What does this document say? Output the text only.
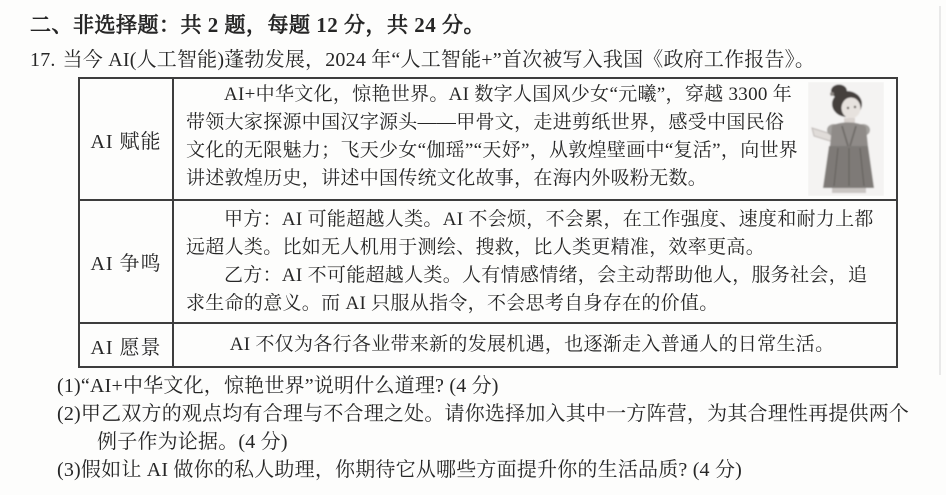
二、非选择题：共 2 题，每题 12 分，共 24 分。
17. 当今 AI(人工智能)蓬勃发展，2024 年“人工智能+”首次被写入我国《政府工作报告》。
AI 赋能	AI+中华文化，惊艳世界。AI 数字人国风少女“元曦”，穿越 3300 年带领大家探源中国汉字源头——甲骨文，走进剪纸世界，感受中国民俗文化的无限魅力；飞天少女“伽瑶”“天妤”，从敦煌壁画中“复活”，向世界讲述敦煌历史，讲述中国传统文化故事，在海内外吸粉无数。

AI 争鸣	甲方：AI 可能超越人类。AI 不会烦，不会累，在工作强度、速度和耐力上都远超人类。比如无人机用于测绘、搜救，比人类更精准，效率更高。

乙方：AI 不可能超越人类。人有情感情绪，会主动帮助他人，服务社会，追求生命的意义。而 AI 只服从指令，不会思考自身存在的价值。

AI 愿景	AI 不仅为各行各业带来新的发展机遇，也逐渐走入普通人的日常生活。

(1)“AI+中华文化，惊艳世界”说明什么道理? (4 分)

(2)甲乙双方的观点均有合理与不合理之处。请你选择加入其中一方阵营，为其合理性再提供两个例子作为论据。(4 分)

(3)假如让 AI 做你的私人助理，你期待它从哪些方面提升你的生活品质? (4 分)
